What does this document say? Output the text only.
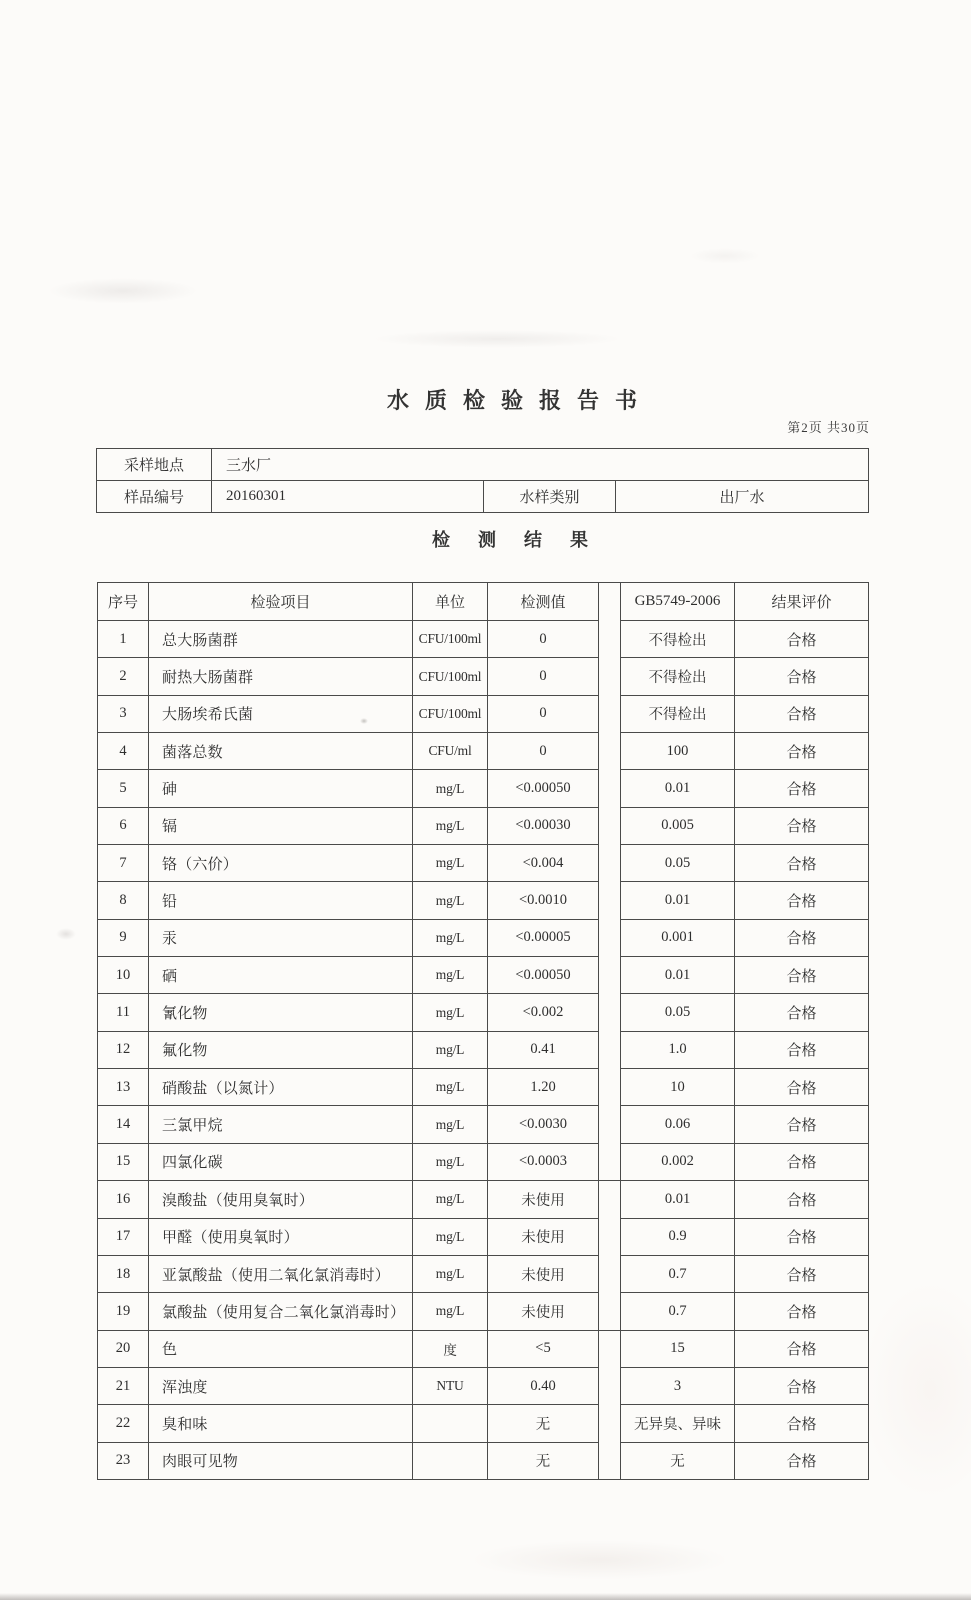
水质检验报告书
第2页 共30页
采样地点	三水厂		
样品编号	20160301	水样类别	出厂水
检测结果
序号	检验项目	单位	检测值		GB5749-2006	结果评价
1	总大肠菌群	CFU/100ml	0		不得检出	合格
2	耐热大肠菌群	CFU/100ml	0		不得检出	合格
3	大肠埃希氏菌	CFU/100ml	0		不得检出	合格
4	菌落总数	CFU/ml	0		100	合格
5	砷	mg/L	<0.00050		0.01	合格
6	镉	mg/L	<0.00030		0.005	合格
7	铬（六价）	mg/L	<0.004		0.05	合格
8	铅	mg/L	<0.0010		0.01	合格
9	汞	mg/L	<0.00005		0.001	合格
10	硒	mg/L	<0.00050		0.01	合格
11	氰化物	mg/L	<0.002		0.05	合格
12	氟化物	mg/L	0.41		1.0	合格
13	硝酸盐（以氮计）	mg/L	1.20		10	合格
14	三氯甲烷	mg/L	<0.0030		0.06	合格
15	四氯化碳	mg/L	<0.0003		0.002	合格
16	溴酸盐（使用臭氧时）	mg/L	未使用		0.01	合格
17	甲醛（使用臭氧时）	mg/L	未使用		0.9	合格
18	亚氯酸盐（使用二氧化氯消毒时）	mg/L	未使用		0.7	合格
19	氯酸盐（使用复合二氧化氯消毒时）	mg/L	未使用		0.7	合格
20	色	度	<5		15	合格
21	浑浊度	NTU	0.40		3	合格
22	臭和味		无		无异臭、异味	合格
23	肉眼可见物		无		无	合格
